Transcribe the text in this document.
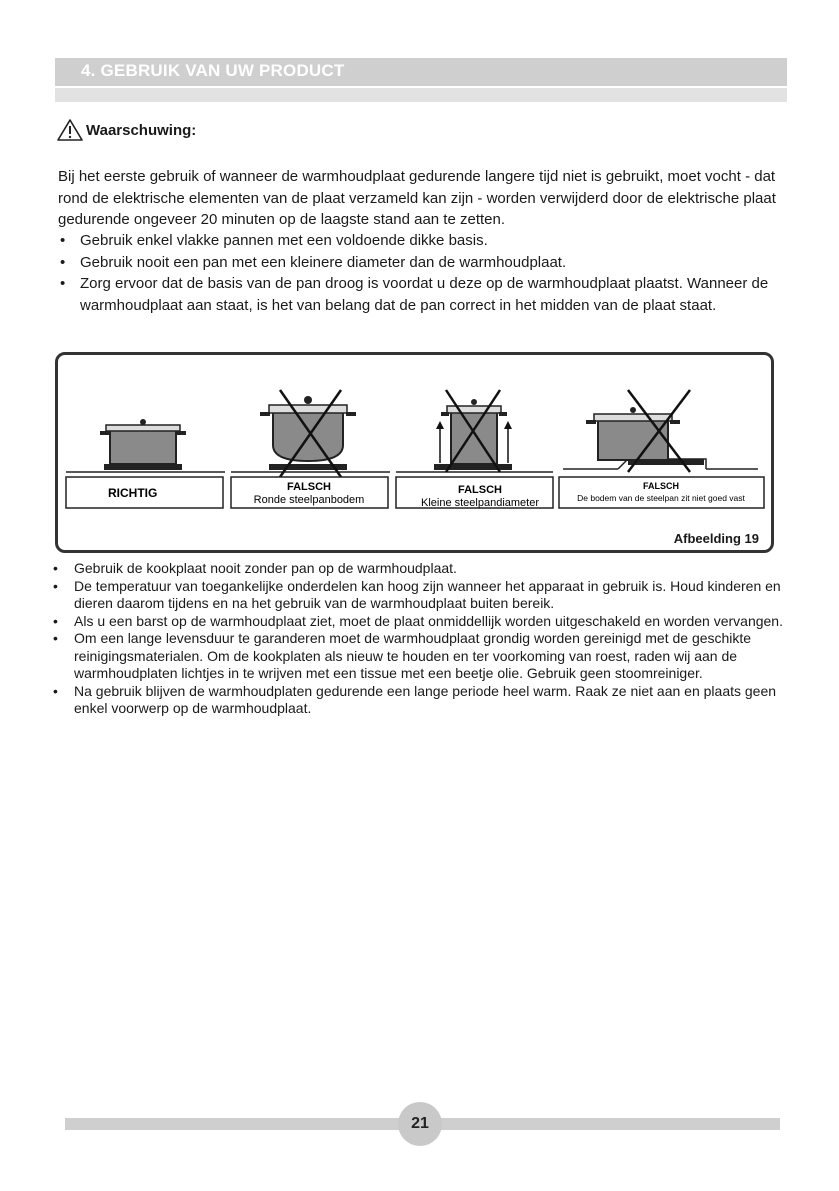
4. GEBRUIK VAN UW PRODUCT
Waarschuwing:

Bij het eerste gebruik of wanneer de warmhoudplaat gedurende langere tijd niet is gebruikt, moet vocht - dat rond de elektrische elementen van de plaat verzameld kan zijn - worden verwijderd door de elektrische plaat gedurende ongeveer 20 minuten op de laagste stand aan te zetten.

• Gebruik enkel vlakke pannen met een voldoende dikke basis.
• Gebruik nooit een pan met een kleinere diameter dan de warmhoudplaat.
• Zorg ervoor dat de basis van de pan droog is voordat u deze op de warmhoudplaat plaatst. Wanneer de warmhoudplaat aan staat, is het van belang dat de pan correct in het midden van de plaat staat.
RICHTIG	FALSCH
Ronde steelpanbodem
FALSCH
Kleine steelpandiameter
FALSCH
De bodem van de steelpan zit niet goed vast
Afbeelding 19
• Gebruik de kookplaat nooit zonder pan op de warmhoudplaat.
• De temperatuur van toegankelijke onderdelen kan hoog zijn wanneer het apparaat in gebruik is. Houd kinderen en dieren daarom tijdens en na het gebruik van de warmhoudplaat buiten bereik.
• Als u een barst op de warmhoudplaat ziet, moet de plaat onmiddellijk worden uitgeschakeld en worden vervangen.
• Om een lange levensduur te garanderen moet de warmhoudplaat grondig worden gereinigd met de geschikte reinigingsmaterialen. Om de kookplaten als nieuw te houden en ter voorkoming van roest, raden wij aan de warmhoudplaten lichtjes in te wrijven met een tissue met een beetje olie. Gebruik geen stoomreiniger.
• Na gebruik blijven de warmhoudplaten gedurende een lange periode heel warm. Raak ze niet aan en plaats geen enkel voorwerp op de warmhoudplaat.
21
